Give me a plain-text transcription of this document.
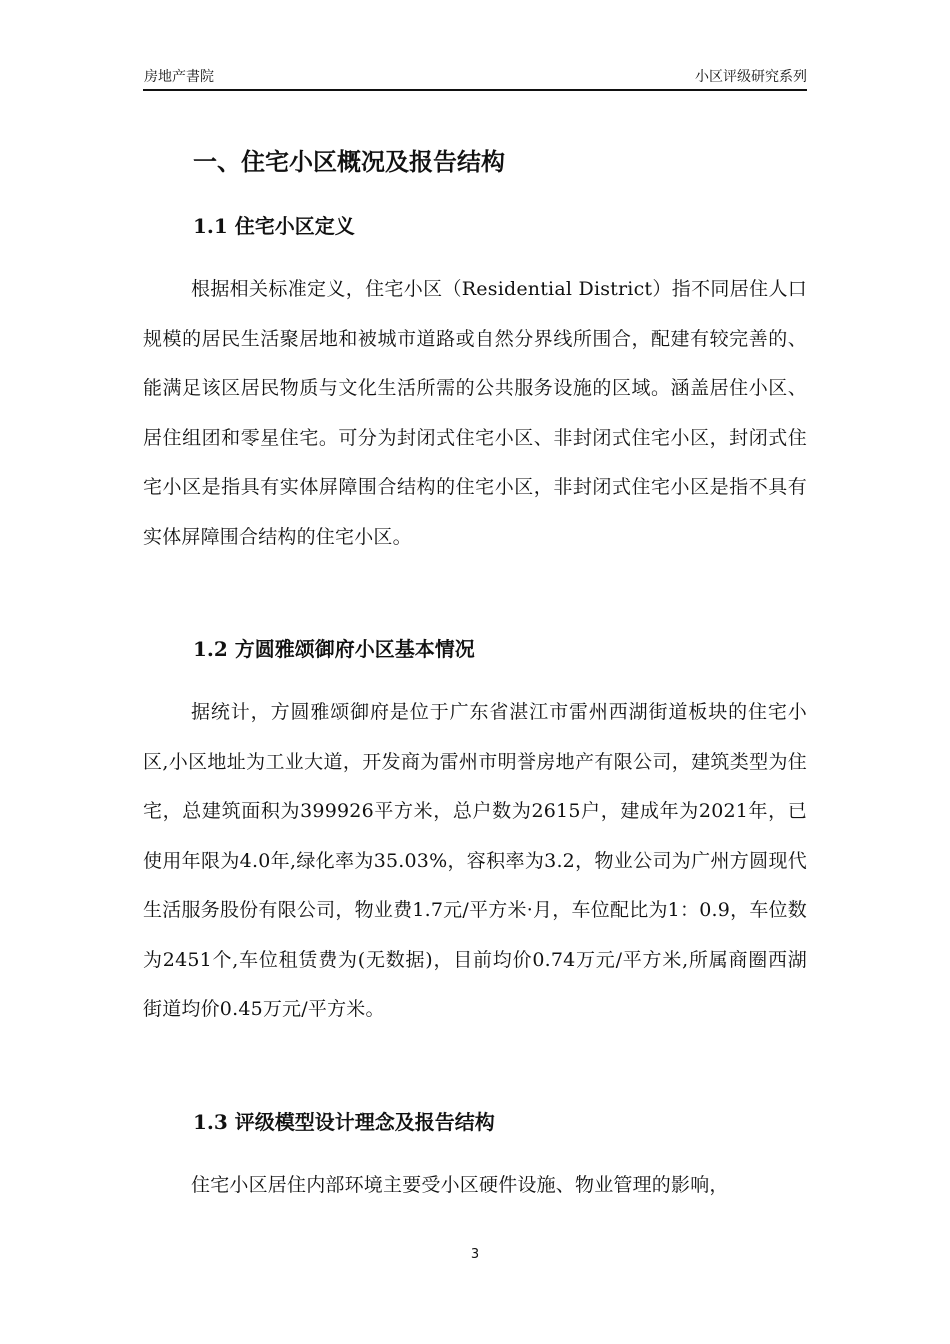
房地产書院	小区评级研究系列
一、住宅小区概况及报告结构
1.1 住宅小区定义

根据相关标准定义，住宅小区（Residential District）指不同居住人口规模的居民生活聚居地和被城市道路或自然分界线所围合，配建有较完善的、能满足该区居民物质与文化生活所需的公共服务设施的区域。涵盖居住小区、居住组团和零星住宅。可分为封闭式住宅小区、非封闭式住宅小区，封闭式住宅小区是指具有实体屏障围合结构的住宅小区，非封闭式住宅小区是指不具有实体屏障围合结构的住宅小区。

1.2 方圆雅颂御府小区基本情况

据统计，方圆雅颂御府是位于广东省湛江市雷州西湖街道板块的住宅小区,小区地址为工业大道，开发商为雷州市明誉房地产有限公司，建筑类型为住宅，总建筑面积为399926平方米，总户数为2615户，建成年为2021年，已使用年限为4.0年,绿化率为35.03%，容积率为3.2，物业公司为广州方圆现代生活服务股份有限公司，物业费1.7元/平方米·月，车位配比为1：0.9，车位数为2451个,车位租赁费为(无数据)，目前均价0.74万元/平方米,所属商圈西湖街道均价0.45万元/平方米。

1.3 评级模型设计理念及报告结构

住宅小区居住内部环境主要受小区硬件设施、物业管理的影响，

3
